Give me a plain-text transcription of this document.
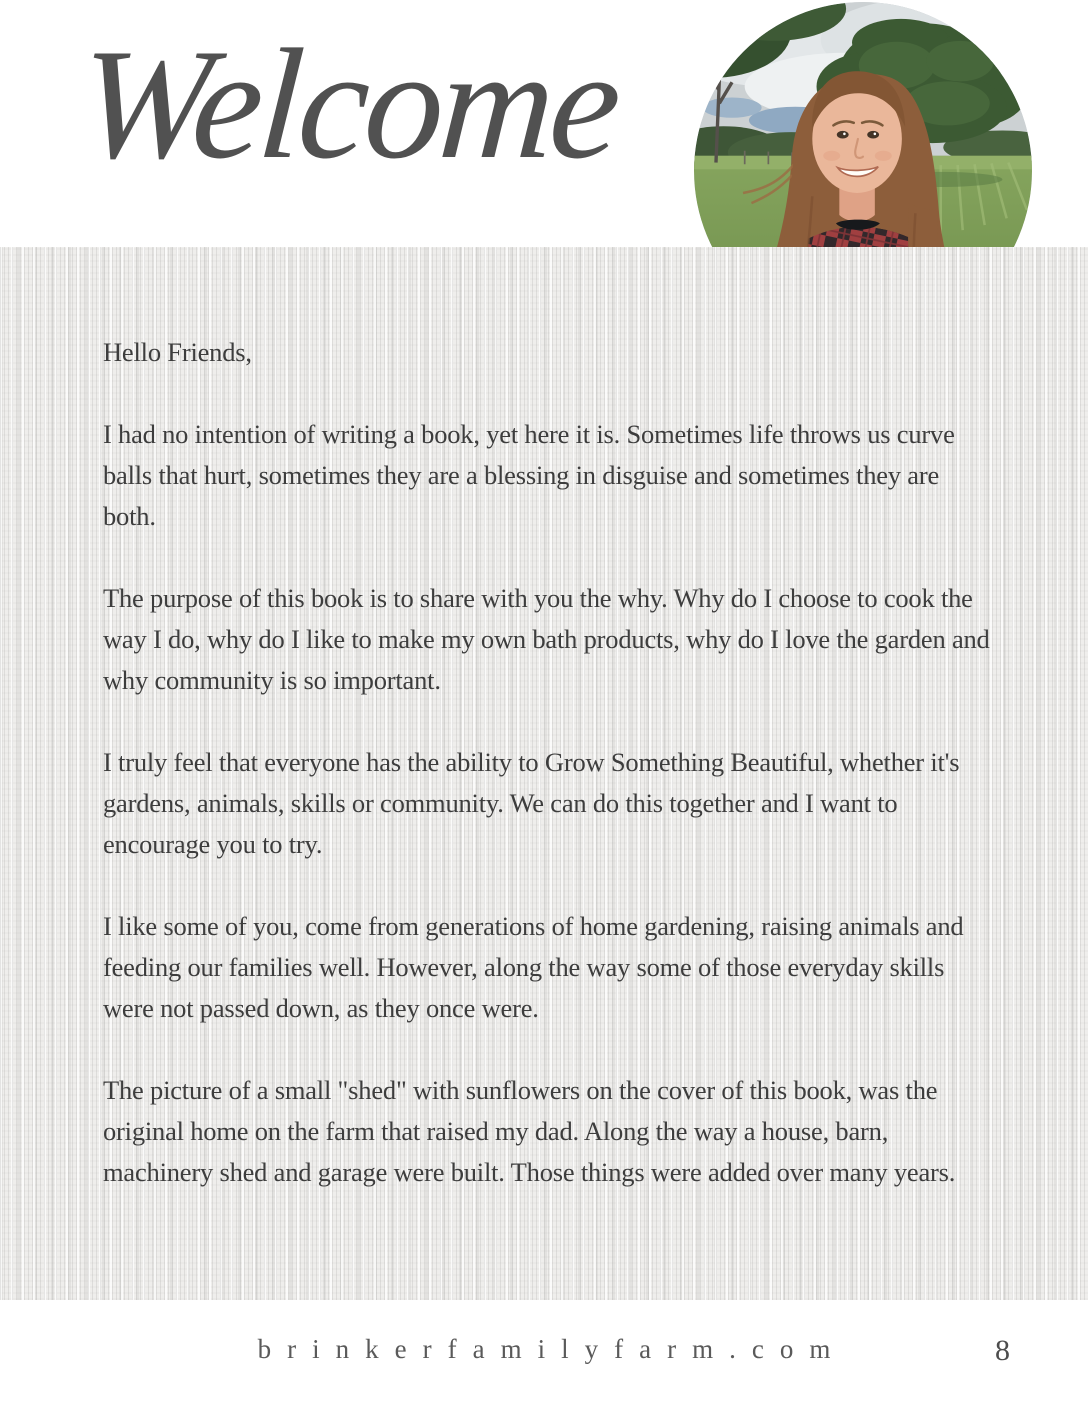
Welcome

Hello Friends,

I had no intention of writing a book, yet here it is. Sometimes life throws us curve balls that hurt, sometimes they are a blessing in disguise and sometimes they are both.

The purpose of this book is to share with you the why. Why do I choose to cook the way I do, why do I like to make my own bath products, why do I love the garden and why community is so important.

I truly feel that everyone has the ability to Grow Something Beautiful, whether it's gardens, animals, skills or community. We can do this together and I want to encourage you to try.

I like some of you, come from generations of home gardening, raising animals and feeding our families well. However, along the way some of those everyday skills were not passed down, as they once were.

The picture of a small "shed" with sunflowers on the cover of this book, was the original home on the farm that raised my dad. Along the way a house, barn, machinery shed and garage were built. Those things were added over many years.

brinkerfamilyfarm.com	8
